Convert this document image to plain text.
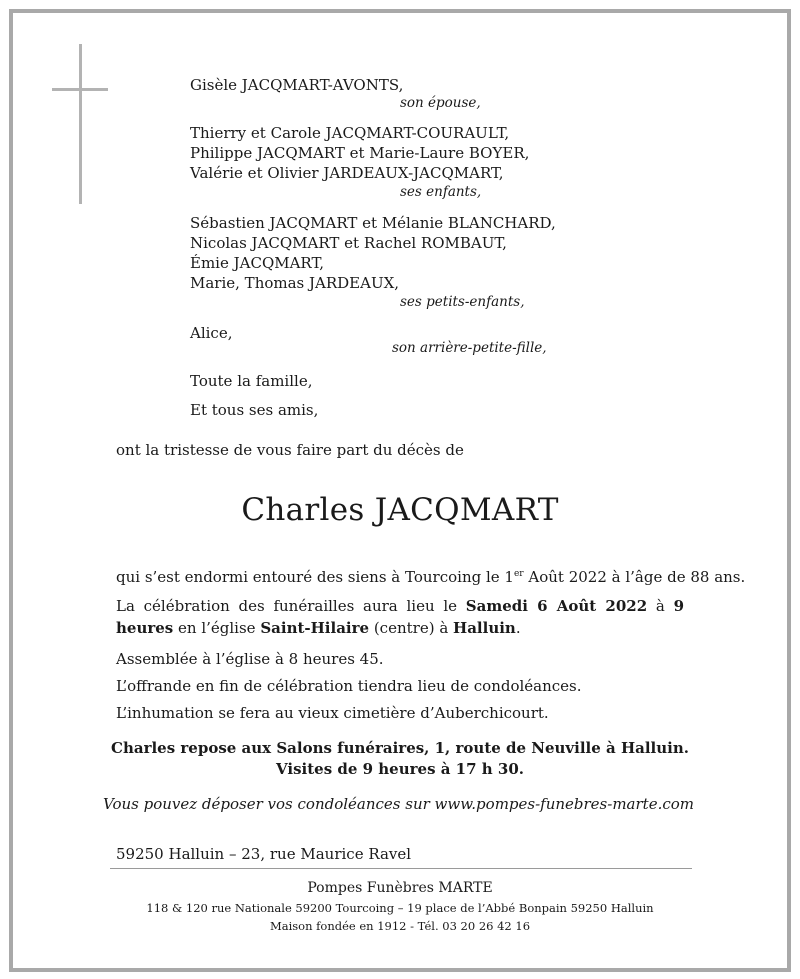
Gisèle JACQMART-AVONTS,
son épouse,
Thierry et Carole JACQMART-COURAULT,
Philippe JACQMART et Marie-Laure BOYER,
Valérie et Olivier JARDEAUX-JACQMART,
ses enfants,
Sébastien JACQMART et Mélanie BLANCHARD,
Nicolas JACQMART et Rachel ROMBAUT,
Émie JACQMART,
Marie, Thomas JARDEAUX,
ses petits-enfants,
Alice,
son arrière-petite-fille,
Toute la famille,
Et tous ses amis,
ont la tristesse de vous faire part du décès de
Charles JACQMART
qui s’est endormi entouré des siens à Tourcoing le 1er Août 2022 à l’âge de 88 ans.
La célébration des funérailles aura lieu le Samedi 6 Août 2022 à 9 heures en l’église Saint-Hilaire (centre) à Halluin.
Assemblée à l’église à 8 heures 45.
L’offrande en fin de célébration tiendra lieu de condoléances.
L’inhumation se fera au vieux cimetière d’Auberchicourt.
Charles repose aux Salons funéraires, 1, route de Neuville à Halluin.
Visites de 9 heures à 17 h 30.
Vous pouvez déposer vos condoléances sur www.pompes-funebres-marte.com
59250 Halluin – 23, rue Maurice Ravel
Pompes Funèbres MARTE
118 & 120 rue Nationale 59200 Tourcoing – 19 place de l’Abbé Bonpain 59250 Halluin
Maison fondée en 1912 - Tél. 03 20 26 42 16
